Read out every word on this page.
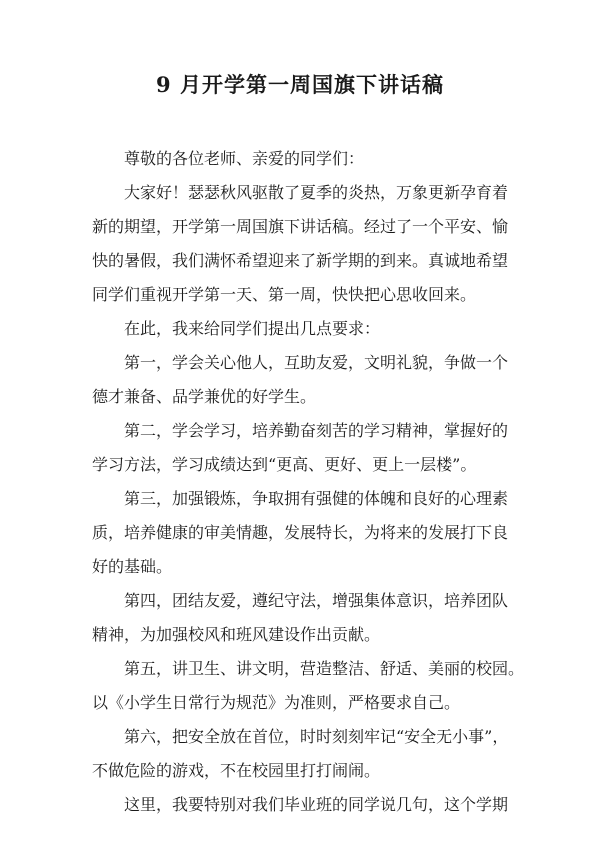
9 月开学第一周国旗下讲话稿
尊敬的各位老师、亲爱的同学们：
大家好！瑟瑟秋风驱散了夏季的炎热，万象更新孕育着
新的期望，开学第一周国旗下讲话稿。经过了一个平安、愉
快的暑假，我们满怀希望迎来了新学期的到来。真诚地希望
同学们重视开学第一天、第一周，快快把心思收回来。
在此，我来给同学们提出几点要求：
第一，学会关心他人，互助友爱，文明礼貌，争做一个
德才兼备、品学兼优的好学生。
第二，学会学习，培养勤奋刻苦的学习精神，掌握好的
学习方法，学习成绩达到“更高、更好、更上一层楼”。
第三，加强锻炼，争取拥有强健的体魄和良好的心理素
质，培养健康的审美情趣，发展特长，为将来的发展打下良
好的基础。
第四，团结友爱，遵纪守法，增强集体意识，培养团队
精神，为加强校风和班风建设作出贡献。
第五，讲卫生、讲文明，营造整洁、舒适、美丽的校园。
以《小学生日常行为规范》为准则，严格要求自己。
第六，把安全放在首位，时时刻刻牢记“安全无小事”，
不做危险的游戏，不在校园里打打闹闹。
这里，我要特别对我们毕业班的同学说几句，这个学期
